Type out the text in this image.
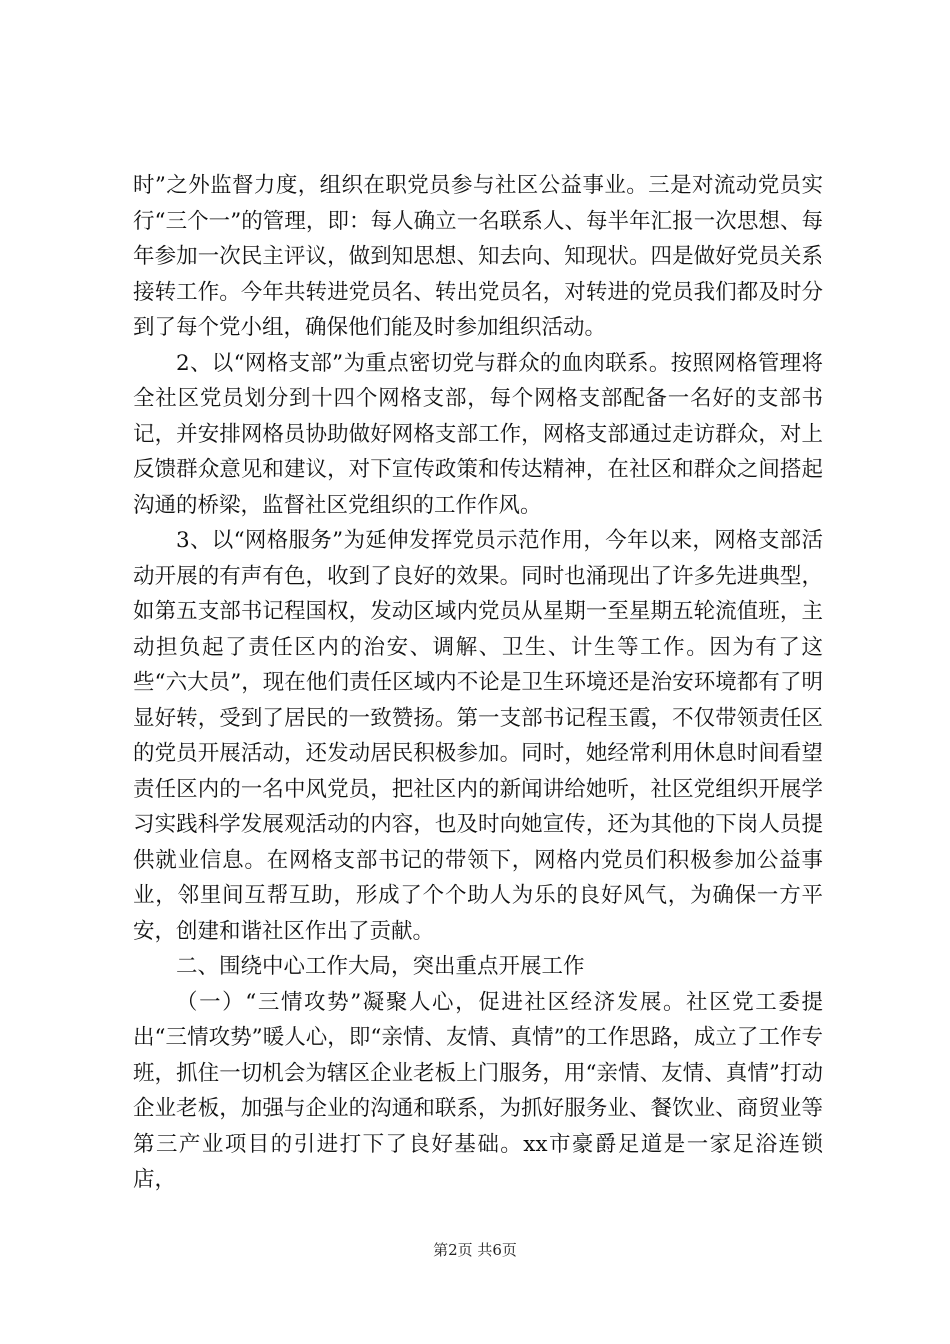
时”之外监督力度，组织在职党员参与社区公益事业。三是对流动党员实行“三个一”的管理，即：每人确立一名联系人、每半年汇报一次思想、每年参加一次民主评议，做到知思想、知去向、知现状。四是做好党员关系接转工作。今年共转进党员名、转出党员名，对转进的党员我们都及时分到了每个党小组，确保他们能及时参加组织活动。

2、以“网格支部”为重点密切党与群众的血肉联系。按照网格管理将全社区党员划分到十四个网格支部，每个网格支部配备一名好的支部书记，并安排网格员协助做好网格支部工作，网格支部通过走访群众，对上反馈群众意见和建议，对下宣传政策和传达精神，在社区和群众之间搭起沟通的桥梁，监督社区党组织的工作作风。

3、以“网格服务”为延伸发挥党员示范作用，今年以来，网格支部活动开展的有声有色，收到了良好的效果。同时也涌现出了许多先进典型，如第五支部书记程国权，发动区域内党员从星期一至星期五轮流值班，主动担负起了责任区内的治安、调解、卫生、计生等工作。因为有了这些“六大员”，现在他们责任区域内不论是卫生环境还是治安环境都有了明显好转，受到了居民的一致赞扬。第一支部书记程玉霞，不仅带领责任区的党员开展活动，还发动居民积极参加。同时，她经常利用休息时间看望责任区内的一名中风党员，把社区内的新闻讲给她听，社区党组织开展学习实践科学发展观活动的内容，也及时向她宣传，还为其他的下岗人员提供就业信息。在网格支部书记的带领下，网格内党员们积极参加公益事业，邻里间互帮互助，形成了个个助人为乐的良好风气，为确保一方平安，创建和谐社区作出了贡献。

二、围绕中心工作大局，突出重点开展工作

（一）“三情攻势”凝聚人心，促进社区经济发展。社区党工委提出“三情攻势”暖人心，即“亲情、友情、真情”的工作思路，成立了工作专班，抓住一切机会为辖区企业老板上门服务，用“亲情、友情、真情”打动企业老板，加强与企业的沟通和联系，为抓好服务业、餐饮业、商贸业等第三产业项目的引进打下了良好基础。xx市豪爵足道是一家足浴连锁店，

第2页 共6页
